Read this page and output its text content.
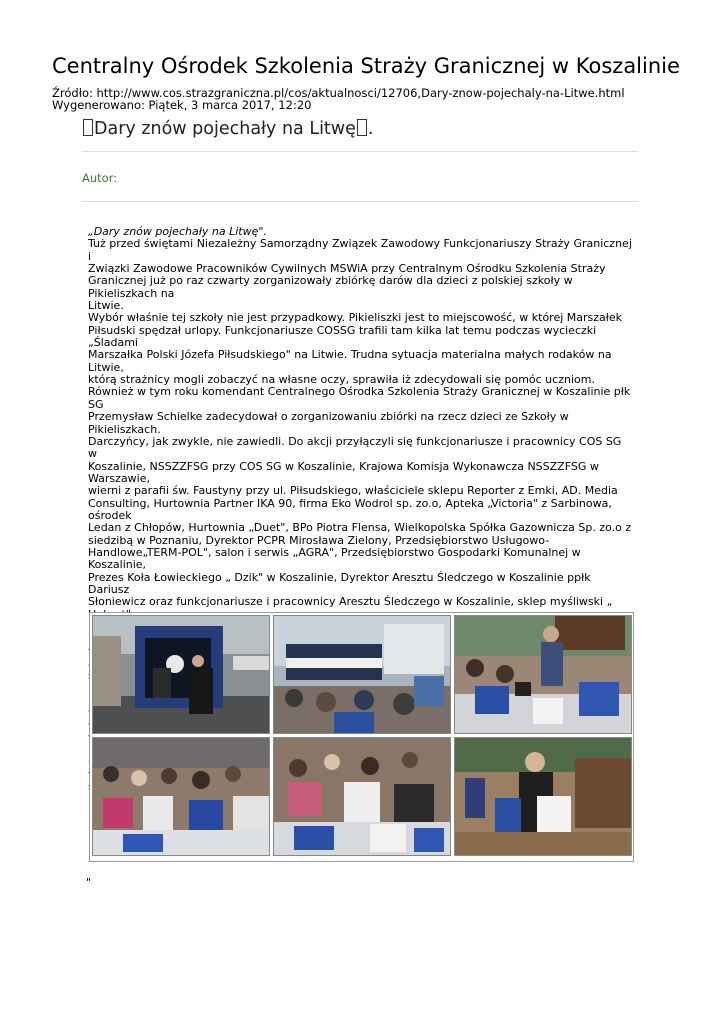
Centralny Ośrodek Szkolenia Straży Granicznej w Koszalinie
Źródło: http://www.cos.strazgraniczna.pl/cos/aktualnosci/12706,Dary-znow-pojechaly-na-Litwe.html
Wygenerowano: Piątek, 3 marca 2017, 12:20
Dary znów pojechały na Litwę .
Autor:

„Dary znów pojechały na Litwę".

Tuż przed świętami Niezależny Samorządny Związek Zawodowy Funkcjonariuszy Straży Granicznej i

Związki Zawodowe Pracowników Cywilnych MSWiA przy Centralnym Ośrodku Szkolenia Straży

Granicznej już po raz czwarty zorganizowały zbiórkę darów dla dzieci z polskiej szkoły w Pikieliszkach na

Litwie.

Wybór właśnie tej szkoły nie jest przypadkowy. Pikieliszki jest to miejscowość, w której Marszałek

Piłsudski spędzał urlopy. Funkcjonariusze COSSG trafili tam kilka lat temu podczas wycieczki „Śladami

Marszałka Polski Józefa Piłsudskiego" na Litwie. Trudna sytuacja materialna małych rodaków na Litwie,

którą strażnicy mogli zobaczyć na własne oczy, sprawiła iż zdecydowali się pomóc uczniom.

Również w tym roku komendant Centralnego Ośrodka Szkolenia Straży Granicznej w Koszalinie płk SG

Przemysław Schielke zadecydował o zorganizowaniu zbiórki na rzecz dzieci ze Szkoły w Pikieliszkach.

Darczyńcy, jak zwykle, nie zawiedli. Do akcji przyłączyli się funkcjonariusze i pracownicy COS SG w

Koszalinie, NSSZZFSG przy COS SG w Koszalinie, Krajowa Komisja Wykonawcza NSSZZFSG w Warszawie,

wierni z parafii św. Faustyny przy ul. Piłsudskiego, właściciele sklepu Reporter z Emki, AD. Media

Consulting, Hurtownia Partner IKA 90, firma Eko Wodrol sp. zo.o, Apteka „Victoria" z Sarbinowa, ośrodek

Ledan z Chłopów, Hurtownia „Duet", BPo Piotra Flensa, Wielkopolska Spółka Gazownicza Sp. zo.o z

siedzibą w Poznaniu, Dyrektor PCPR Mirosława Zielony, Przedsiębiorstwo Usługowo-

Handlowe„TERM-POL", salon i serwis „AGRA", Przedsiębiorstwo Gospodarki Komunalnej w Koszalinie,

Prezes Koła Łowieckiego „ Dzik" w Koszalinie, Dyrektor Aresztu Śledczego w Koszalinie ppłk Dariusz

Słoniewicz oraz funkcjonariusze i pracownicy Aresztu Śledczego w Koszalinie, sklep myśliwski „

"
